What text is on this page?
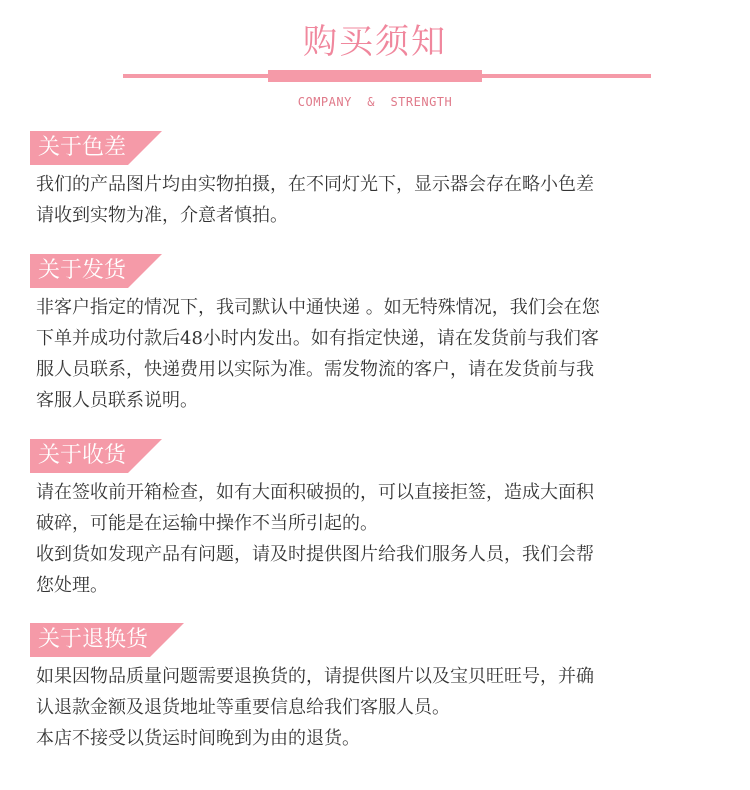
购买须知
COMPANY  &  STRENGTH
关于色差
我们的产品图片均由实物拍摄，在不同灯光下，显示器会存在略小色差
请收到实物为准，介意者慎拍。
关于发货
非客户指定的情况下，我司默认中通快递 。如无特殊情况，我们会在您
下单并成功付款后48小时内发出。如有指定快递，请在发货前与我们客
服人员联系，快递费用以实际为准。需发物流的客户，请在发货前与我
客服人员联系说明。
关于收货
请在签收前开箱检查，如有大面积破损的，可以直接拒签，造成大面积
破碎，可能是在运输中操作不当所引起的。
收到货如发现产品有问题，请及时提供图片给我们服务人员，我们会帮
您处理。
关于退换货
如果因物品质量问题需要退换货的，请提供图片以及宝贝旺旺号，并确
认退款金额及退货地址等重要信息给我们客服人员。
本店不接受以货运时间晚到为由的退货。
